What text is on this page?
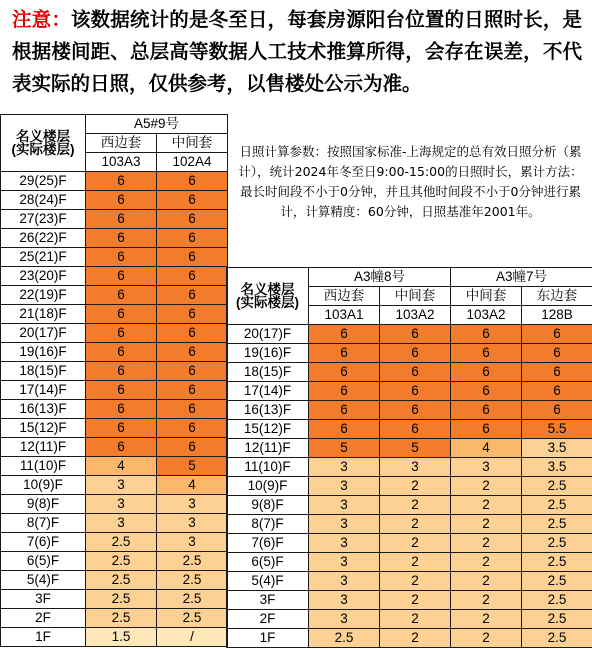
注意：该数据统计的是冬至日，每套房源阳台位置的日照时长，是根据楼间距、总层高等数据人工技术推算所得，会存在误差，不代表实际的日照，仅供参考，以售楼处公示为准。
名义楼层
(实际楼层)	A5#9号	
	西边套	中间套
	103A3	102A4
29(25)F	6	6
28(24)F	6	6
27(23)F	6	6
26(22)F	6	6
25(21)F	6	6
23(20)F	6	6
22(19)F	6	6
21(18)F	6	6
20(17)F	6	6
19(16)F	6	6
18(15)F	6	6
17(14)F	6	6
16(13)F	6	6
15(12)F	6	6
12(11)F	6	6
11(10)F	4	5
10(9)F	3	4
9(8)F	3	3
8(7)F	3	3
7(6)F	2.5	3
6(5)F	2.5	2.5
5(4)F	2.5	2.5
3F	2.5	2.5
2F	2.5	2.5
1F	1.5	/
日照计算参数：按照国家标准-上海规定的总有效日照分析（累计），统计2024年冬至日9:00-15:00的日照时长，累计方法：最长时间段不小于0分钟，并且其他时间段不小于0分钟进行累计，计算精度：60分钟，日照基准年2001年。
名义楼层
(实际楼层)	A3幢8号		A3幢7号	
	西边套	中间套	中间套	东边套
	103A1	103A2	103A2	128B
20(17)F	6	6	6	6
19(16)F	6	6	6	6
18(15)F	6	6	6	6
17(14)F	6	6	6	6
16(13)F	6	6	6	6
15(12)F	6	6	6	5.5
12(11)F	5	5	4	3.5
11(10)F	3	3	3	3.5
10(9)F	3	2	2	2.5
9(8)F	3	2	2	2.5
8(7)F	3	2	2	2.5
7(6)F	3	2	2	2.5
6(5)F	3	2	2	2.5
5(4)F	3	2	2	2.5
3F	3	2	2	2.5
2F	3	2	2	2.5
1F	2.5	2	2	2.5
